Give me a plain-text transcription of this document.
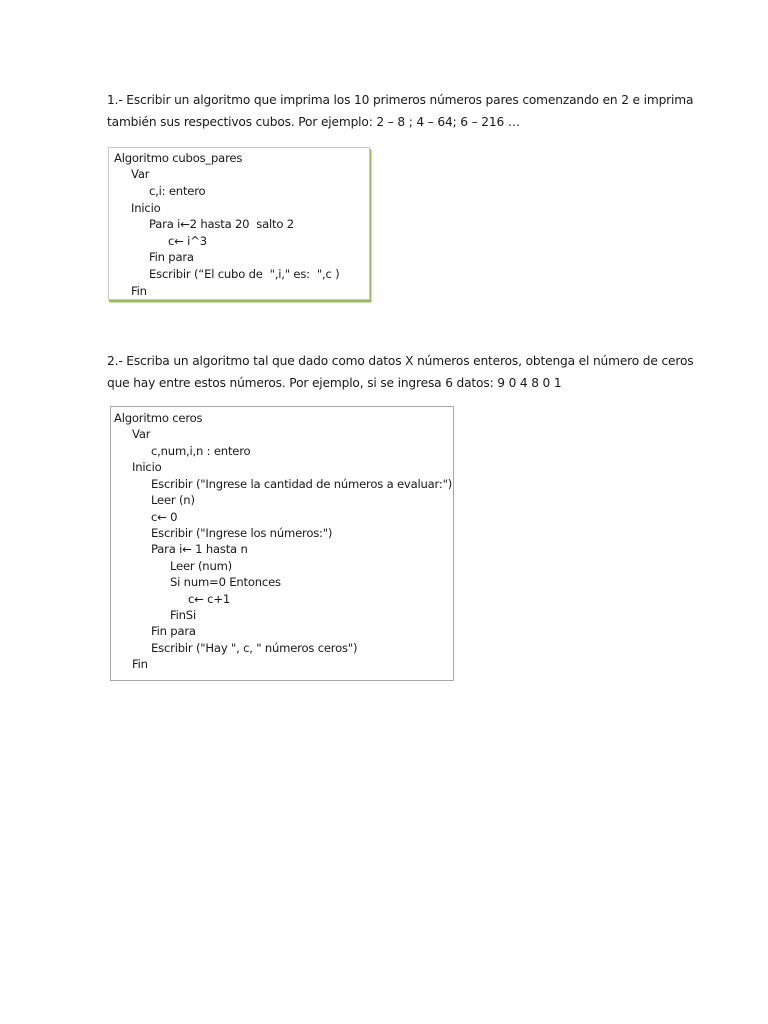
1.- Escribir un algoritmo que imprima los 10 primeros números pares comenzando en 2 e imprima
también sus respectivos cubos. Por ejemplo: 2 – 8 ; 4 – 64; 6 – 216 …
Algoritmo cubos_pares
Var
c,i: entero
Inicio
Para i←2 hasta 20  salto 2
c← i^3
Fin para
Escribir (“El cubo de  ",i," es:  ",c )
Fin
2.- Escriba un algoritmo tal que dado como datos X números enteros, obtenga el número de ceros
que hay entre estos números. Por ejemplo, si se ingresa 6 datos: 9 0 4 8 0 1
Algoritmo ceros
Var
c,num,i,n : entero
Inicio
Escribir ("Ingrese la cantidad de números a evaluar:")
Leer (n)
c← 0
Escribir ("Ingrese los números:")
Para i← 1 hasta n
Leer (num)
Si num=0 Entonces
c← c+1
FinSi
Fin para
Escribir ("Hay ", c, " números ceros")
Fin
